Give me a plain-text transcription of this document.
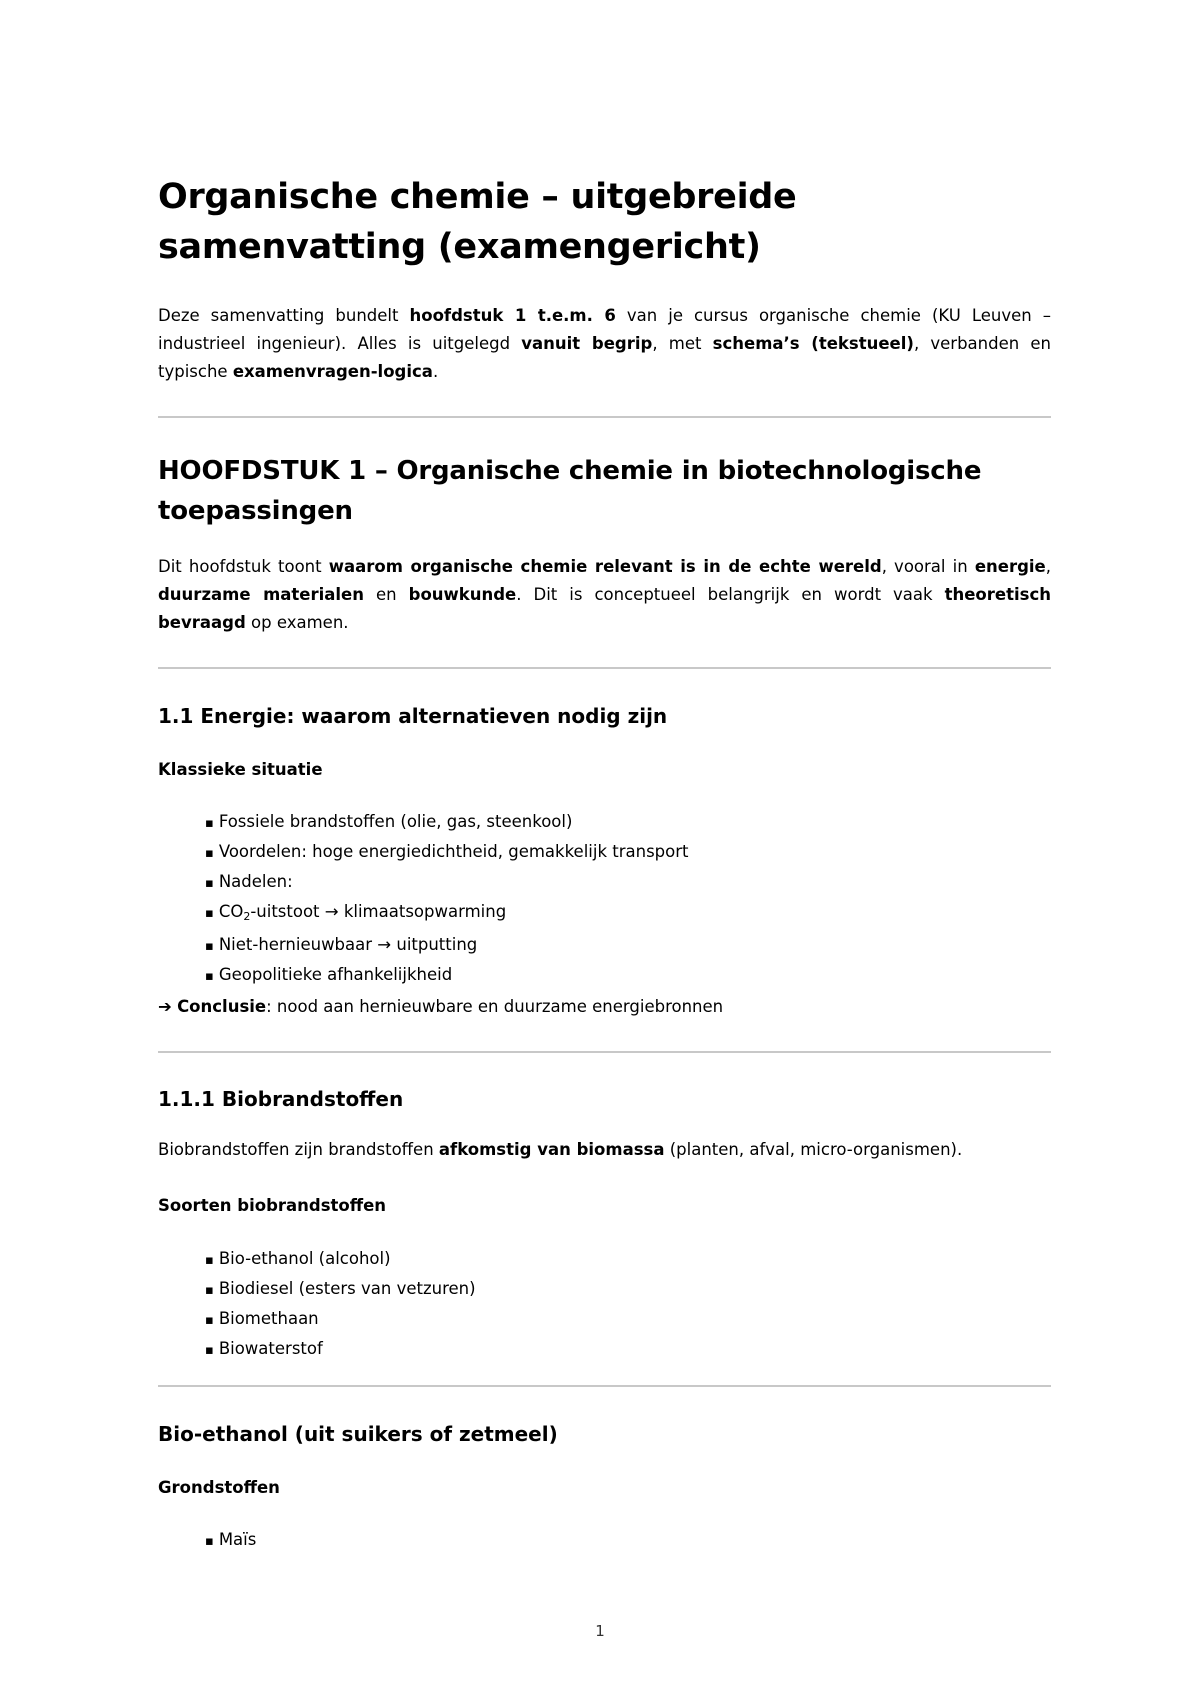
Organische chemie – uitgebreide samenvatting (examengericht)

Deze samenvatting bundelt hoofdstuk 1 t.e.m. 6 van je cursus organische chemie (KU Leuven – industrieel ingenieur). Alles is uitgelegd vanuit begrip, met schema’s (tekstueel), verbanden en typische examenvragen-logica.

HOOFDSTUK 1 – Organische chemie in biotechnologische toepassingen

Dit hoofdstuk toont waarom organische chemie relevant is in de echte wereld, vooral in energie, duurzame materialen en bouwkunde. Dit is conceptueel belangrijk en wordt vaak theoretisch bevraagd op examen.

1.1 Energie: waarom alternatieven nodig zijn
Klassieke situatie
▪ Fossiele brandstoffen (olie, gas, steenkool)
▪ Voordelen: hoge energiedichtheid, gemakkelijk transport
▪ Nadelen:
▪ $CO_2$-uitstoot → klimaatsopwarming
▪ Niet-hernieuwbaar → uitputting
▪ Geopolitieke afhankelijkheid

➔ Conclusie: nood aan hernieuwbare en duurzame energiebronnen

1.1.1 Biobrandstoffen

Biobrandstoffen zijn brandstoffen afkomstig van biomassa (planten, afval, micro-organismen).

Soorten biobrandstoffen
▪ Bio-ethanol (alcohol)
▪ Biodiesel (esters van vetzuren)
▪ Biomethaan
▪ Biowaterstof
Bio-ethanol (uit suikers of zetmeel)
Grondstoffen
▪ Maïs
1
